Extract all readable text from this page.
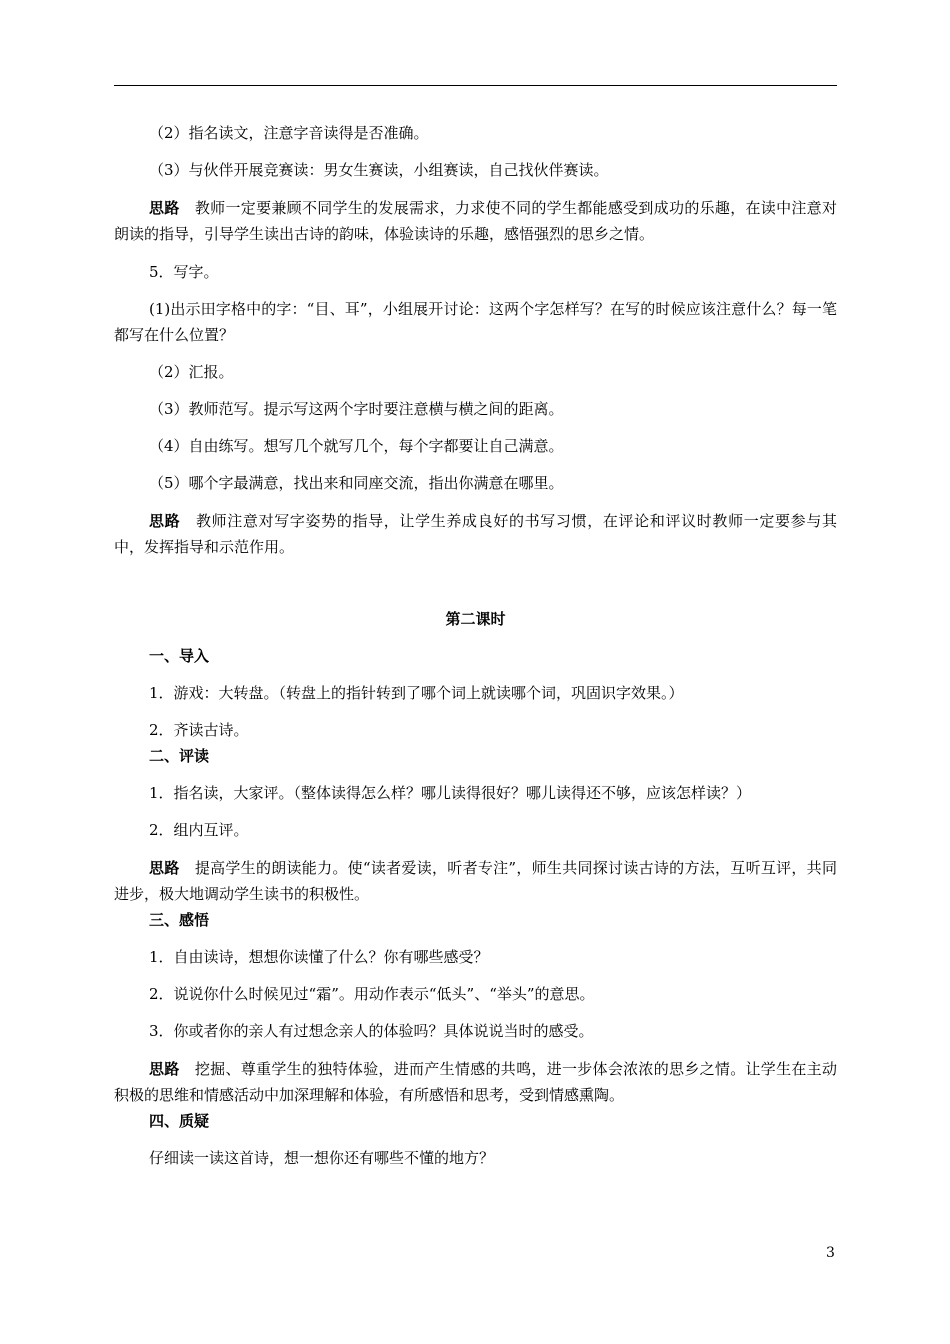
（2）指名读文，注意字音读得是否准确。

（3）与伙伴开展竞赛读：男女生赛读，小组赛读，自己找伙伴赛读。

思路　 教师一定要兼顾不同学生的发展需求，力求使不同的学生都能感受到成功的乐趣，在读中注意对朗读的指导，引导学生读出古诗的韵味，体验读诗的乐趣，感悟强烈的思乡之情。

5．写字。

(1)出示田字格中的字：“目、耳”，小组展开讨论：这两个字怎样写？在写的时候应该注意什么？每一笔都写在什么位置？

（2）汇报。

（3）教师范写。提示写这两个字时要注意横与横之间的距离。

（4）自由练写。想写几个就写几个，每个字都要让自己满意。

（5）哪个字最满意，找出来和同座交流，指出你满意在哪里。

思路　 教师注意对写字姿势的指导，让学生养成良好的书写习惯，在评论和评议时教师一定要参与其中，发挥指导和示范作用。

第二课时

一、导入

1．游戏：大转盘。（转盘上的指针转到了哪个词上就读哪个词，巩固识字效果。）

2．齐读古诗。

二、评读

1．指名读，大家评。（整体读得怎么样？哪儿读得很好？哪儿读得还不够，应该怎样读？）

2．组内互评。

思路　 提高学生的朗读能力。使“读者爱读，听者专注”，师生共同探讨读古诗的方法，互听互评，共同进步，极大地调动学生读书的积极性。

三、感悟

1．自由读诗，想想你读懂了什么？你有哪些感受？

2．说说你什么时候见过“霜”。用动作表示“低头”、“举头”的意思。

3．你或者你的亲人有过想念亲人的体验吗？具体说说当时的感受。

思路　 挖掘、尊重学生的独特体验，进而产生情感的共鸣，进一步体会浓浓的思乡之情。让学生在主动积极的思维和情感活动中加深理解和体验，有所感悟和思考，受到情感熏陶。

四、质疑

仔细读一读这首诗，想一想你还有哪些不懂的地方？

3
